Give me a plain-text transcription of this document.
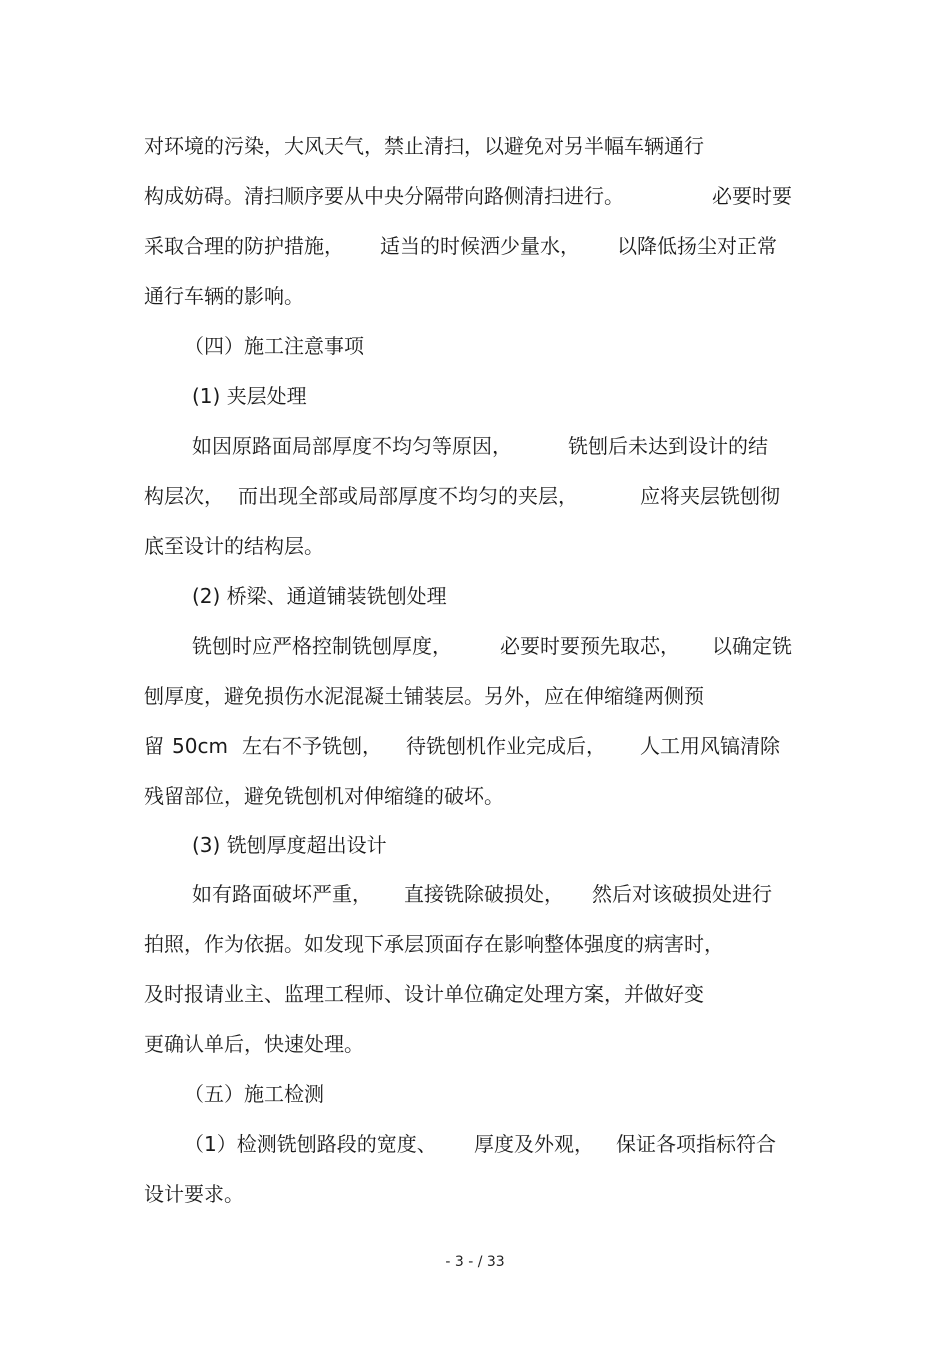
对环境的污染，大风天气，禁止清扫，以避免对另半幅车辆通行
构成妨碍。清扫顺序要从中央分隔带向路侧清扫进行。	必要时要
采取合理的防护措施， 适当的时候洒少量水， 以降低扬尘对正常
通行车辆的影响。
（四）施工注意事项
(1) 夹层处理
如因原路面局部厚度不均匀等原因，	铣刨后未达到设计的结
构层次， 而出现全部或局部厚度不均匀的夹层，	应将夹层铣刨彻
底至设计的结构层。
(2) 桥梁、通道铺装铣刨处理
铣刨时应严格控制铣刨厚度， 必要时要预先取芯， 以确定铣
刨厚度，避免损伤水泥混凝土铺装层。另外，应在伸缩缝两侧预
留 50cm 左右不予铣刨， 待铣刨机作业完成后， 人工用风镐清除
残留部位，避免铣刨机对伸缩缝的破坏。
(3) 铣刨厚度超出设计
如有路面破坏严重， 直接铣除破损处， 然后对该破损处进行
拍照，作为依据。如发现下承层顶面存在影响整体强度的病害时，
及时报请业主、监理工程师、设计单位确定处理方案，并做好变
更确认单后，快速处理。
（五）施工检测
（1）检测铣刨路段的宽度、 厚度及外观， 保证各项指标符合
设计要求。
- 3 - / 33
